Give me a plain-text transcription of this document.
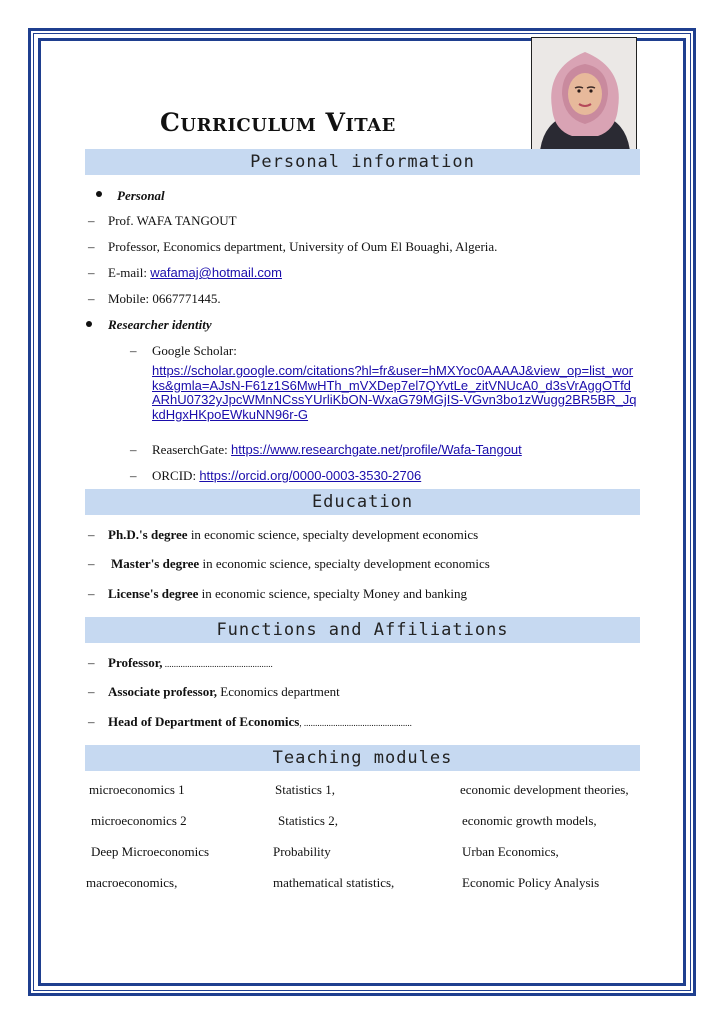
Curriculum Vitae
Personal information
Personal
– Prof. WAFA TANGOUT
– Professor, Economics department, University of Oum El Bouaghi, Algeria.
– E-mail: wafamaj@hotmail.com
– Mobile: 0667771445.
Researcher identity
– Google Scholar:
https://scholar.google.com/citations?hl=fr&user=hMXYoc0AAAAJ&view_op=list_works&gmla=AJsN-F61z1S6MwHTh_mVXDep7el7QYvtLe_zitVNUcA0_d3sVrAggOTfdARhU0732yJpcWMnNCssYUrliKbON-WxaG79MGjIS-VGvn3bo1zWugg2BR5BR_JqkdHgxHKpoEWkuNN96r-G
– ReaserchGate: https://www.researchgate.net/profile/Wafa-Tangout
– ORCID: https://orcid.org/0000-0003-3530-2706
Education
– Ph.D.'s degree in economic science, specialty development economics
– Master's degree in economic science, specialty development economics
– License's degree in economic science, specialty Money and banking
Functions and Affiliations
– Professor, ................................................
– Associate professor, Economics department
– Head of Department of Economics, ................................................
Teaching modules
microeconomics 1	Statistics 1,	economic development theories,
microeconomics 2	Statistics 2,	economic growth models,
Deep Microeconomics	Probability	Urban Economics,
macroeconomics,	mathematical statistics,	Economic Policy Analysis
